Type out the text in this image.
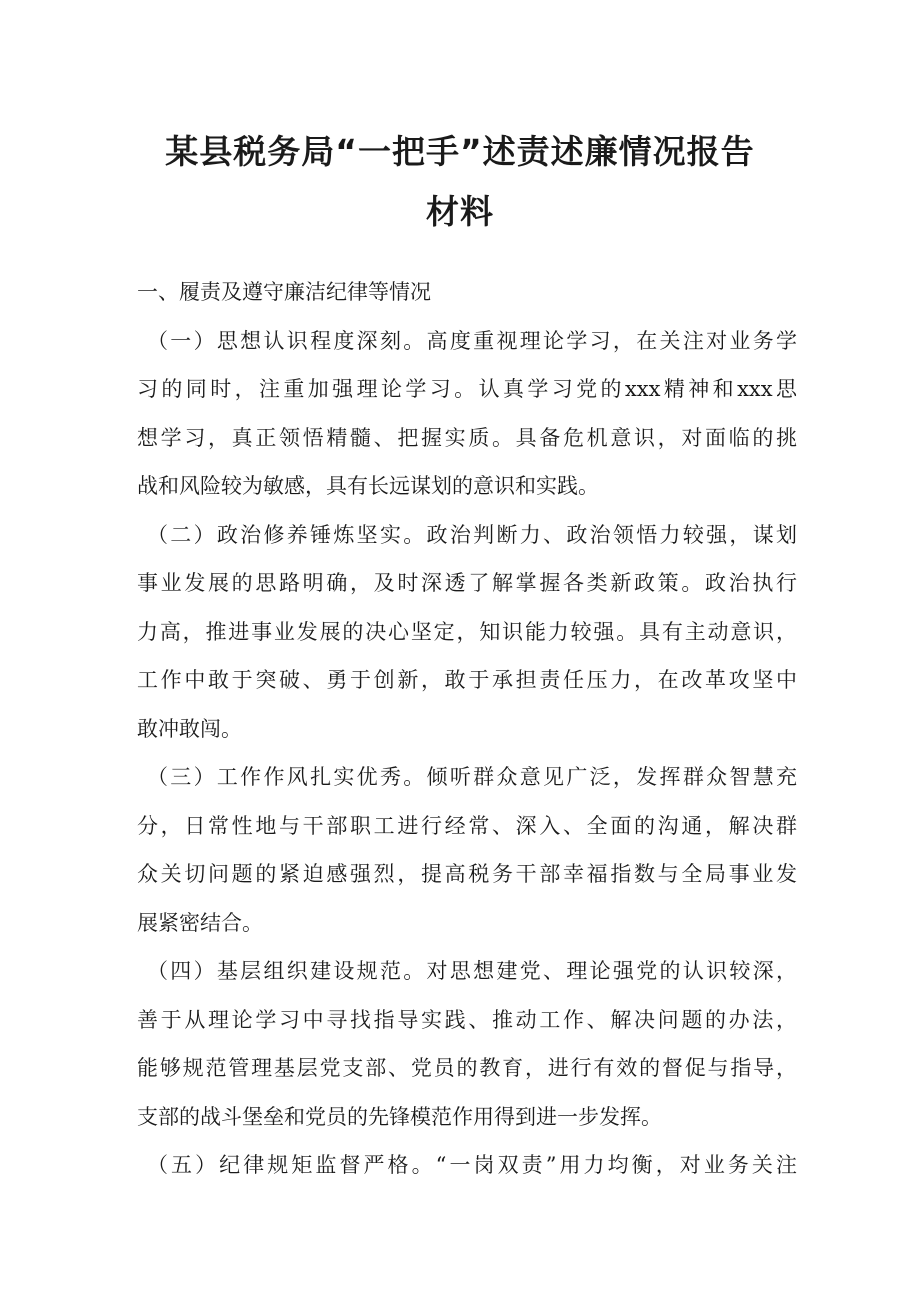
某县税务局“一把手”述责述廉情况报告
材料
一、履责及遵守廉洁纪律等情况
（一）思想认识程度深刻。高度重视理论学习，在关注对业务学
习的同时，注重加强理论学习。认真学习党的xxx精神和xxx思
想学习，真正领悟精髓、把握实质。具备危机意识，对面临的挑
战和风险较为敏感，具有长远谋划的意识和实践。
（二）政治修养锤炼坚实。政治判断力、政治领悟力较强，谋划
事业发展的思路明确，及时深透了解掌握各类新政策。政治执行
力高，推进事业发展的决心坚定，知识能力较强。具有主动意识，
工作中敢于突破、勇于创新，敢于承担责任压力，在改革攻坚中
敢冲敢闯。
（三）工作作风扎实优秀。倾听群众意见广泛，发挥群众智慧充
分，日常性地与干部职工进行经常、深入、全面的沟通，解决群
众关切问题的紧迫感强烈，提高税务干部幸福指数与全局事业发
展紧密结合。
（四）基层组织建设规范。对思想建党、理论强党的认识较深，
善于从理论学习中寻找指导实践、推动工作、解决问题的办法，
能够规范管理基层党支部、党员的教育，进行有效的督促与指导，
支部的战斗堡垒和党员的先锋模范作用得到进一步发挥。
（五）纪律规矩监督严格。“一岗双责”用力均衡，对业务关注
